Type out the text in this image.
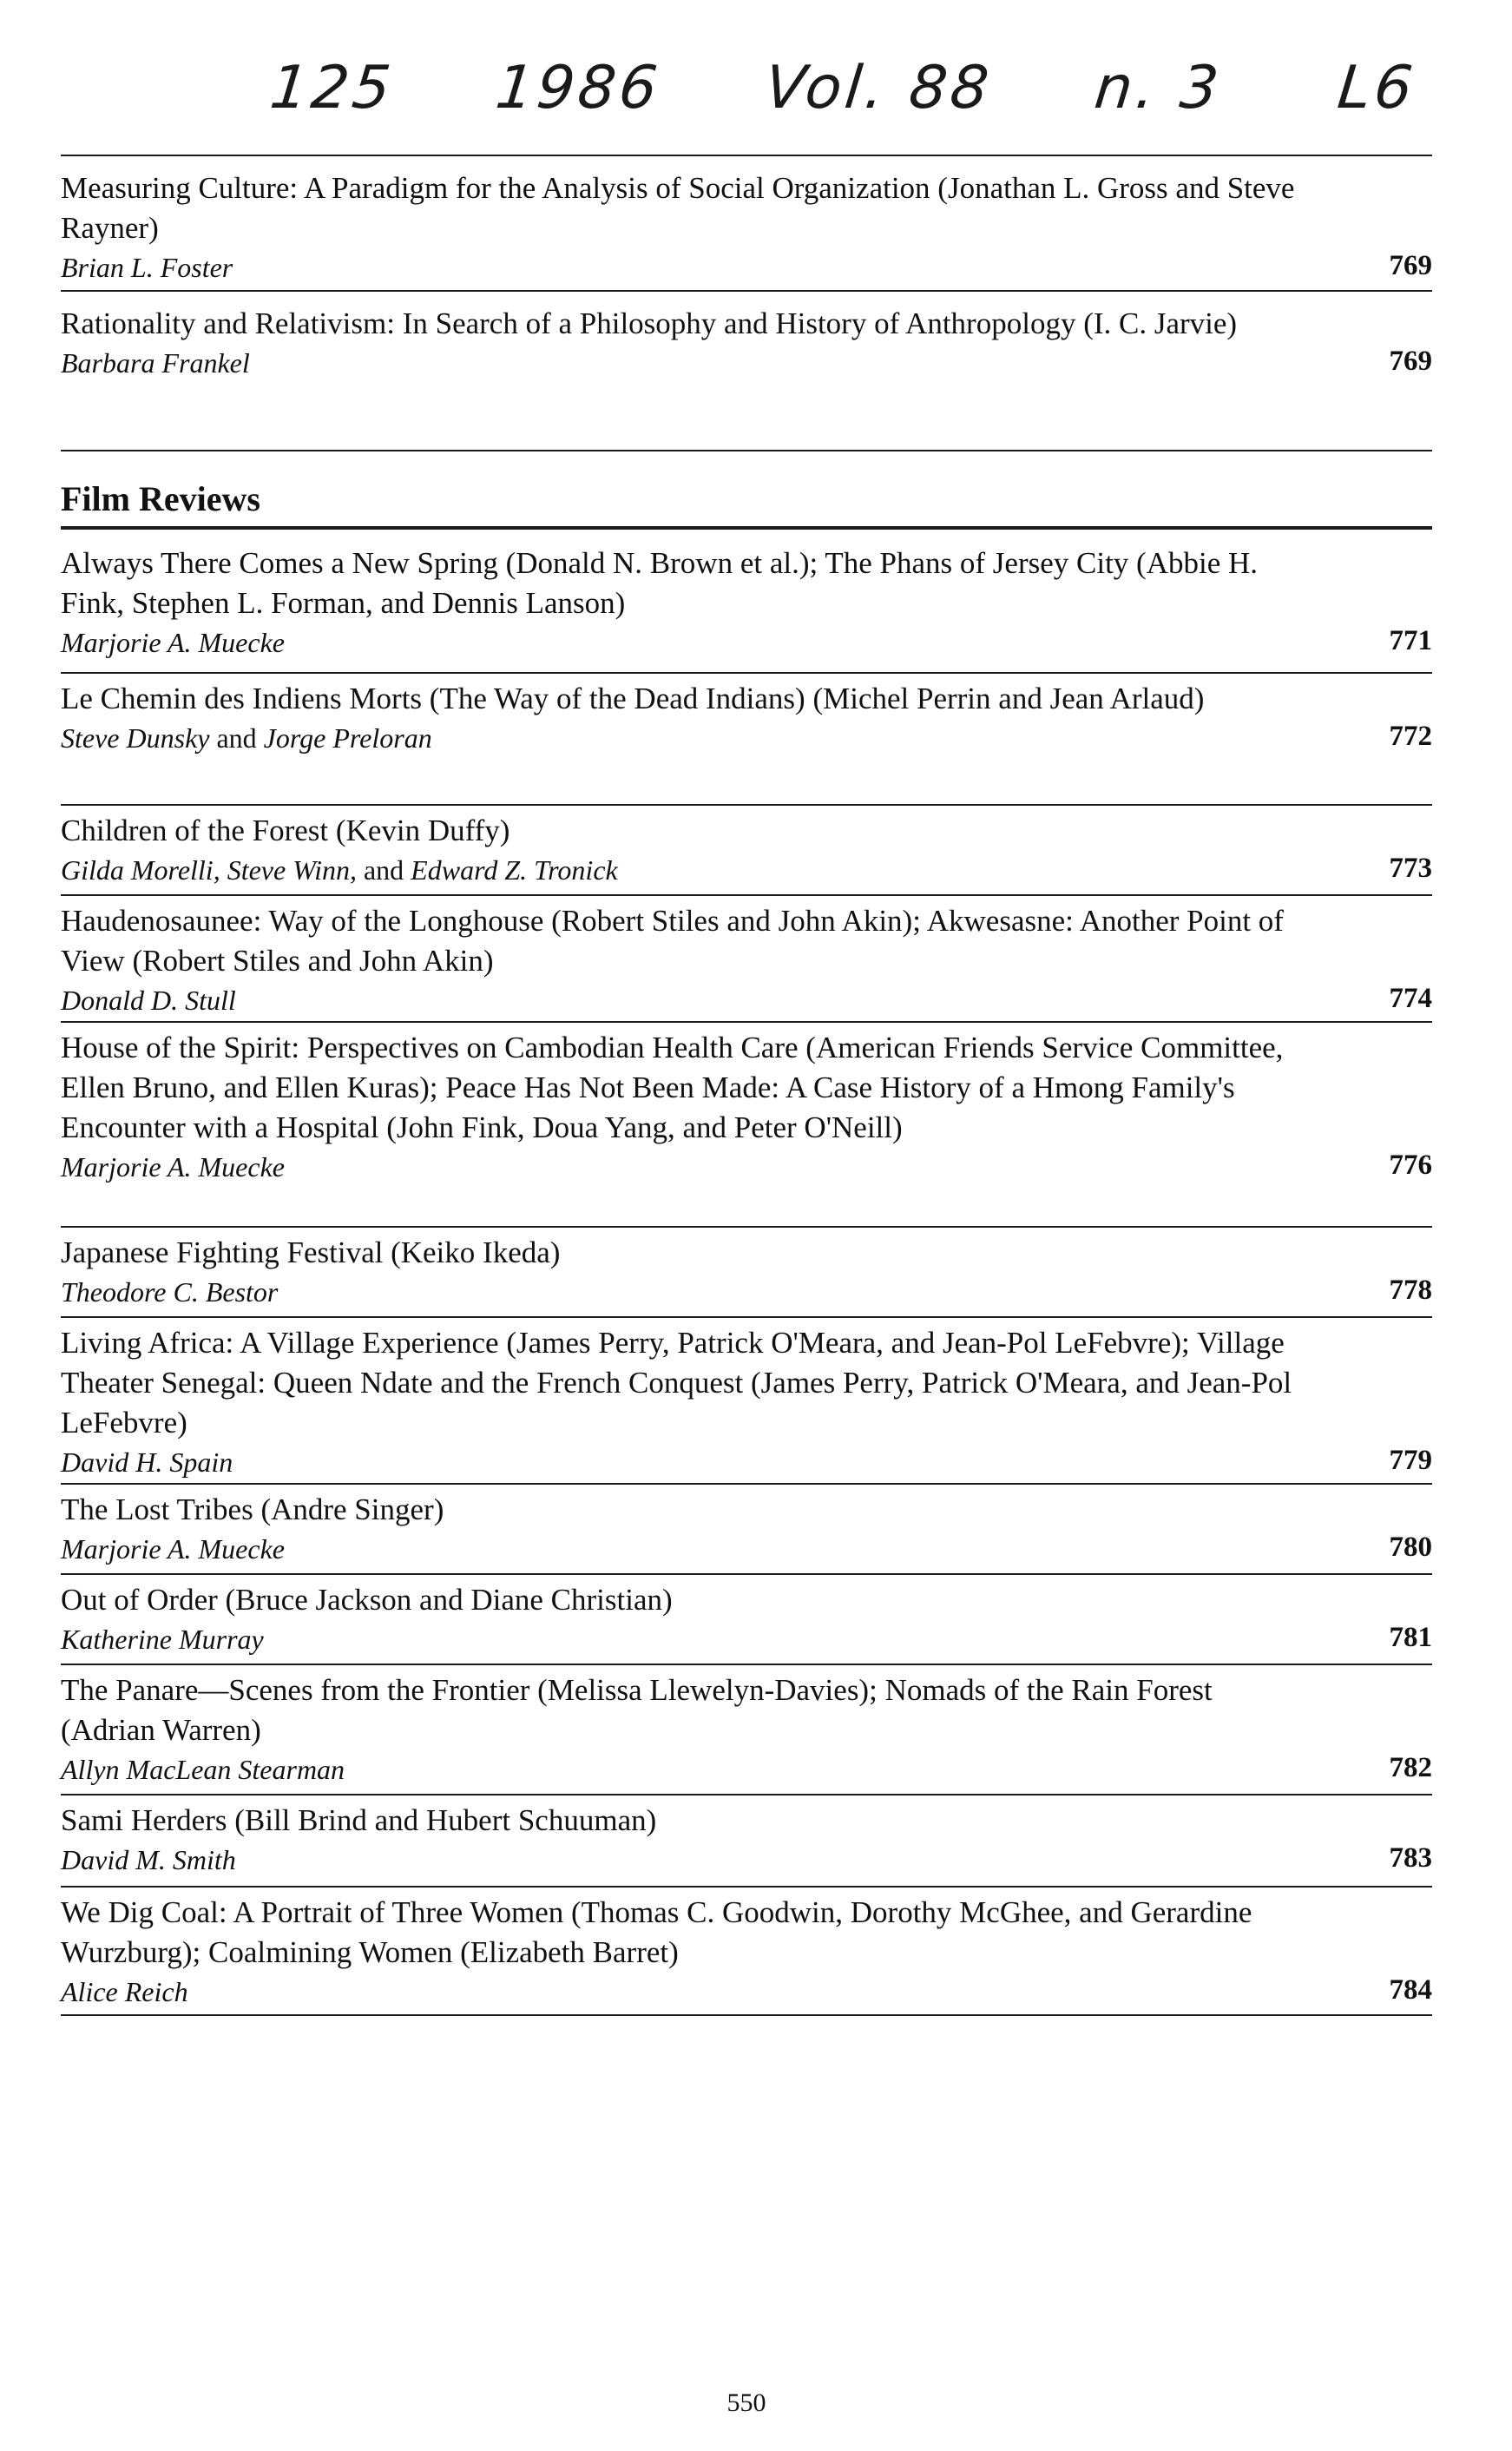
125 1986 Vol. 88 n. 3 L6
Measuring Culture: A Paradigm for the Analysis of Social Organization (Jonathan L. Gross and Steve Rayner)
Brian L. Foster	769
Rationality and Relativism: In Search of a Philosophy and History of Anthropology (I. C. Jarvie)
Barbara Frankel	769
Film Reviews
Always There Comes a New Spring (Donald N. Brown et al.); The Phans of Jersey City (Abbie H. Fink, Stephen L. Forman, and Dennis Lanson)
Marjorie A. Muecke	771
Le Chemin des Indiens Morts (The Way of the Dead Indians) (Michel Perrin and Jean Arlaud)
Steve Dunsky and Jorge Preloran	772
Children of the Forest (Kevin Duffy)
Gilda Morelli, Steve Winn, and Edward Z. Tronick	773
Haudenosaunee: Way of the Longhouse (Robert Stiles and John Akin); Akwesasne: Another Point of View (Robert Stiles and John Akin)
Donald D. Stull	774
House of the Spirit: Perspectives on Cambodian Health Care (American Friends Service Committee, Ellen Bruno, and Ellen Kuras); Peace Has Not Been Made: A Case History of a Hmong Family's Encounter with a Hospital (John Fink, Doua Yang, and Peter O'Neill)
Marjorie A. Muecke	776
Japanese Fighting Festival (Keiko Ikeda)
Theodore C. Bestor	778
Living Africa: A Village Experience (James Perry, Patrick O'Meara, and Jean-Pol LeFebvre); Village Theater Senegal: Queen Ndate and the French Conquest (James Perry, Patrick O'Meara, and Jean-Pol LeFebvre)
David H. Spain	779
The Lost Tribes (Andre Singer)
Marjorie A. Muecke	780
Out of Order (Bruce Jackson and Diane Christian)
Katherine Murray	781
The Panare—Scenes from the Frontier (Melissa Llewelyn-Davies); Nomads of the Rain Forest (Adrian Warren)
Allyn MacLean Stearman	782
Sami Herders (Bill Brind and Hubert Schuuman)
David M. Smith	783
We Dig Coal: A Portrait of Three Women (Thomas C. Goodwin, Dorothy McGhee, and Gerardine Wurzburg); Coalmining Women (Elizabeth Barret)
Alice Reich	784
550
